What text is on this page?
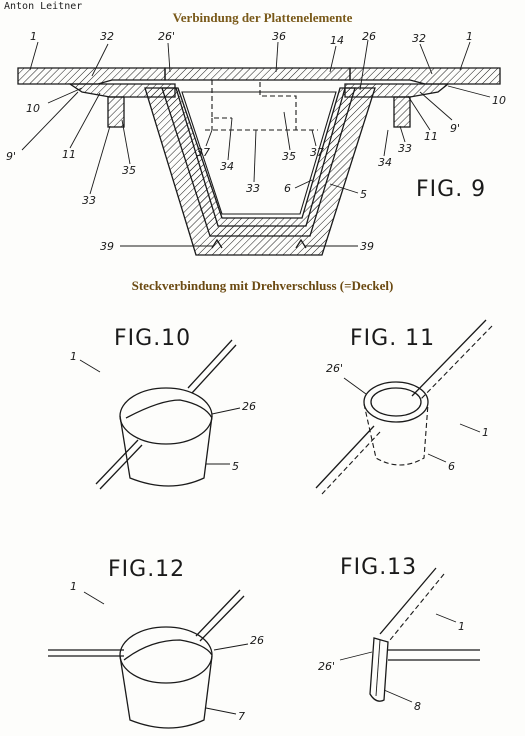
Anton Leitner
Verbindung der Plattenelemente
Steckverbindung mit Drehverschluss (=Deckel)
1	32	26'	36	14 26	32	1
10
10
9'
9'
11
11
35
35
37	37
34	34
33
33
33
6	5
39	39
FIG. 9
FIG.10
1
26
5
FIG. 11
26'
1
6
FIG.12
1
26
7
FIG.13
1
26'
8
